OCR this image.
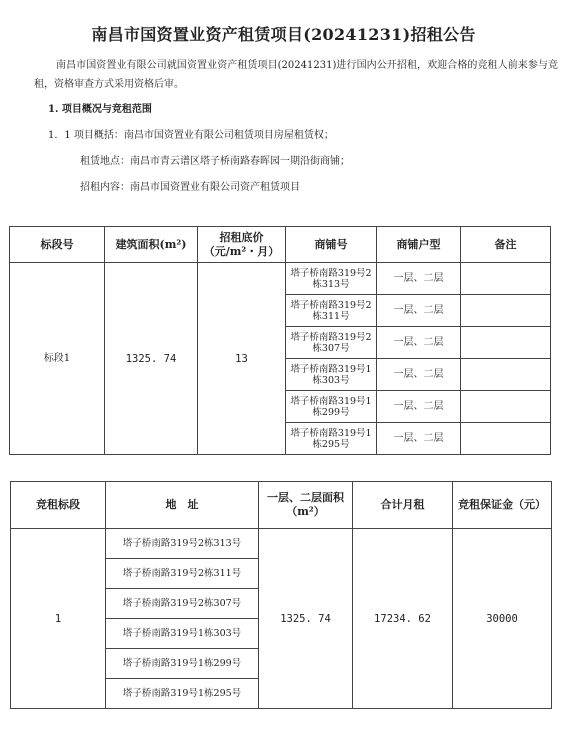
南昌市国资置业资产租赁项目(20241231)招租公告
南昌市国资置业有限公司就国资置业资产租赁项目(20241231)进行国内公开招租，欢迎合格的竞租人前来参与竞租，资格审查方式采用资格后审。
1. 项目概况与竞租范围
1．1 项目概括：南昌市国资置业有限公司租赁项目房屋租赁权；
租赁地点：南昌市青云谱区塔子桥南路春晖园一期沿街商铺；
招租内容：南昌市国资置业有限公司资产租赁项目
标段号	建筑面积(m²)	招租底价（元/m²・月）	商铺号	商铺户型	备注
标段1	1325. 74	13	塔子桥南路319号2栋313号	一层、二层	
			塔子桥南路319号2栋311号	一层、二层	
			塔子桥南路319号2栋307号	一层、二层	
			塔子桥南路319号1栋303号	一层、二层	
			塔子桥南路319号1栋299号	一层、二层	
			塔子桥南路319号1栋295号	一层、二层	
竞租标段	地　址	一层、二层面积（m²）	合计月租	竞租保证金（元）
1	塔子桥南路319号2栋313号	1325. 74	17234. 62	30000
	塔子桥南路319号2栋311号			
	塔子桥南路319号2栋307号			
	塔子桥南路319号1栋303号			
	塔子桥南路319号1栋299号			
	塔子桥南路319号1栋295号			
